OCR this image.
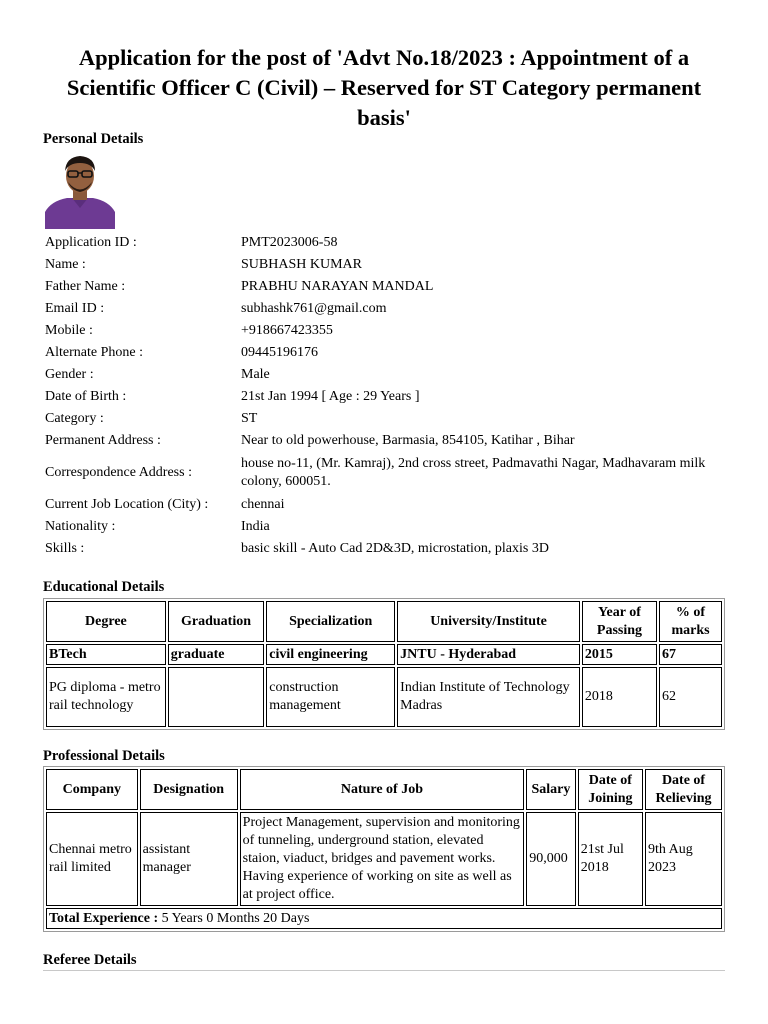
Application for the post of 'Advt No.18/2023 : Appointment of a
Scientific Officer C (Civil) – Reserved for ST Category permanent
basis'
Personal Details
Application ID :	PMT2023006-58
Name :	SUBHASH KUMAR
Father Name :	PRABHU NARAYAN MANDAL
Email ID :	subhashk761@gmail.com
Mobile :	+918667423355
Alternate Phone :	09445196176
Gender :	Male
Date of Birth :	21st Jan 1994 [ Age : 29 Years ]
Category :	ST
Permanent Address :	Near to old powerhouse, Barmasia, 854105, Katihar , Bihar
Correspondence Address :
house no-11, (Mr. Kamraj), 2nd cross street, Padmavathi Nagar, Madhavaram milk colony, 600051.
Current Job Location (City) :	chennai
Nationality :	India
Skills :	basic skill - Auto Cad 2D&3D, microstation, plaxis 3D
Educational Details
Degree	Graduation	Specialization	University/Institute	Year of Passing	% of marks
BTech	graduate	civil engineering	JNTU - Hyderabad	2015	67
PG diploma - metro rail technology		construction management	Indian Institute of Technology Madras	2018	62
Professional Details
Company	Designation	Nature of Job	Salary	Date of Joining	Date of Relieving
Chennai metro rail limited	assistant manager	Project Management, supervision and monitoring of tunneling, underground station, elevated staion, viaduct, bridges and pavement works. Having experience of working on site as well as at project office.	90,000	21st Jul 2018	9th Aug 2023
Total Experience : 5 Years 0 Months 20 Days					
Referee Details
